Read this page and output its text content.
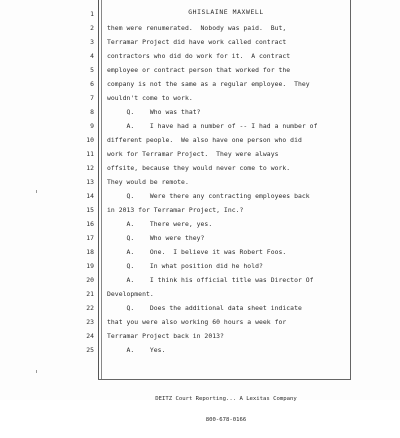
GHISLAINE MAXWELL
1
2 them were renumerated.  Nobody was paid.  But,
3 Terramar Project did have work called contract
4 contractors who did do work for it.  A contract
5 employee or contract person that worked for the
6 company is not the same as a regular employee.  They
7 wouldn't come to work.
8 Q.    Who was that?
9 A.    I have had a number of -- I had a number of
10 different people.  We also have one person who did
11 work for Terramar Project.  They were always
12 offsite, because they would never come to work.
13 They would be remote.
14 Q.    Were there any contracting employees back
15 in 2013 for Terramar Project, Inc.?
16 A.    There were, yes.
17 Q.    Who were they?
18 A.    One.  I believe it was Robert Foos.
19 Q.    In what position did he hold?
20 A.    I think his official title was Director Of
21 Development.
22 Q.    Does the additional data sheet indicate
23 that you were also working 60 hours a week for
24 Terramar Project back in 2013?
25 A.    Yes.

DEITZ Court Reporting... A Lexitas Company

800-678-0166
